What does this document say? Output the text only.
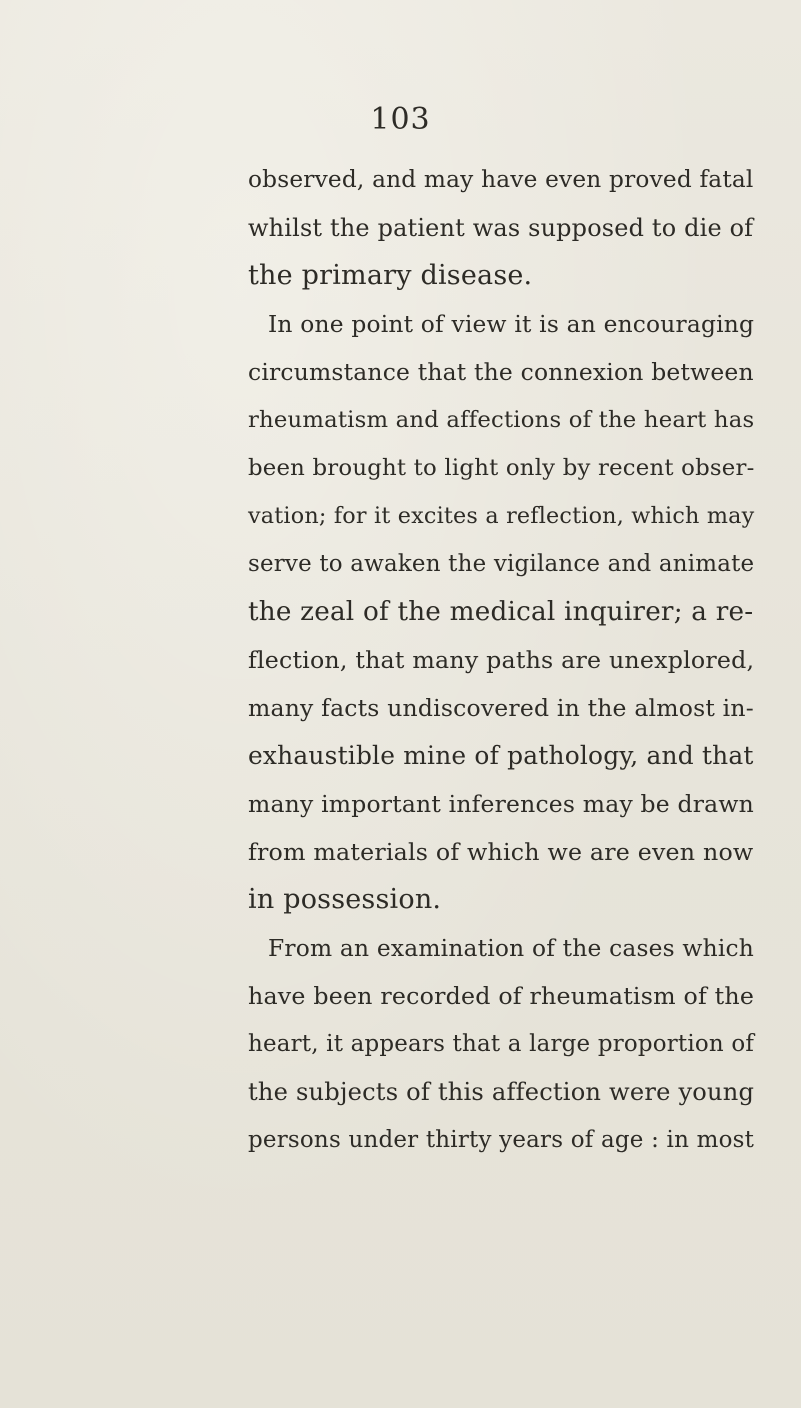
103
observed, and may have even proved fatal
whilst the patient was supposed to die of
the primary disease.
In one point of view it is an encouraging
circumstance that the connexion between
rheumatism and affections of the heart has
been brought to light only by recent obser-
vation; for it excites a reflection, which may
serve to awaken the vigilance and animate
the zeal of the medical inquirer; a re-
flection, that many paths are unexplored,
many facts undiscovered in the almost in-
exhaustible mine of pathology, and that
many important inferences may be drawn
from materials of which we are even now
in possession.
From an examination of the cases which
have been recorded of rheumatism of the
heart, it appears that a large proportion of
the subjects of this affection were young
persons under thirty years of age : in most
